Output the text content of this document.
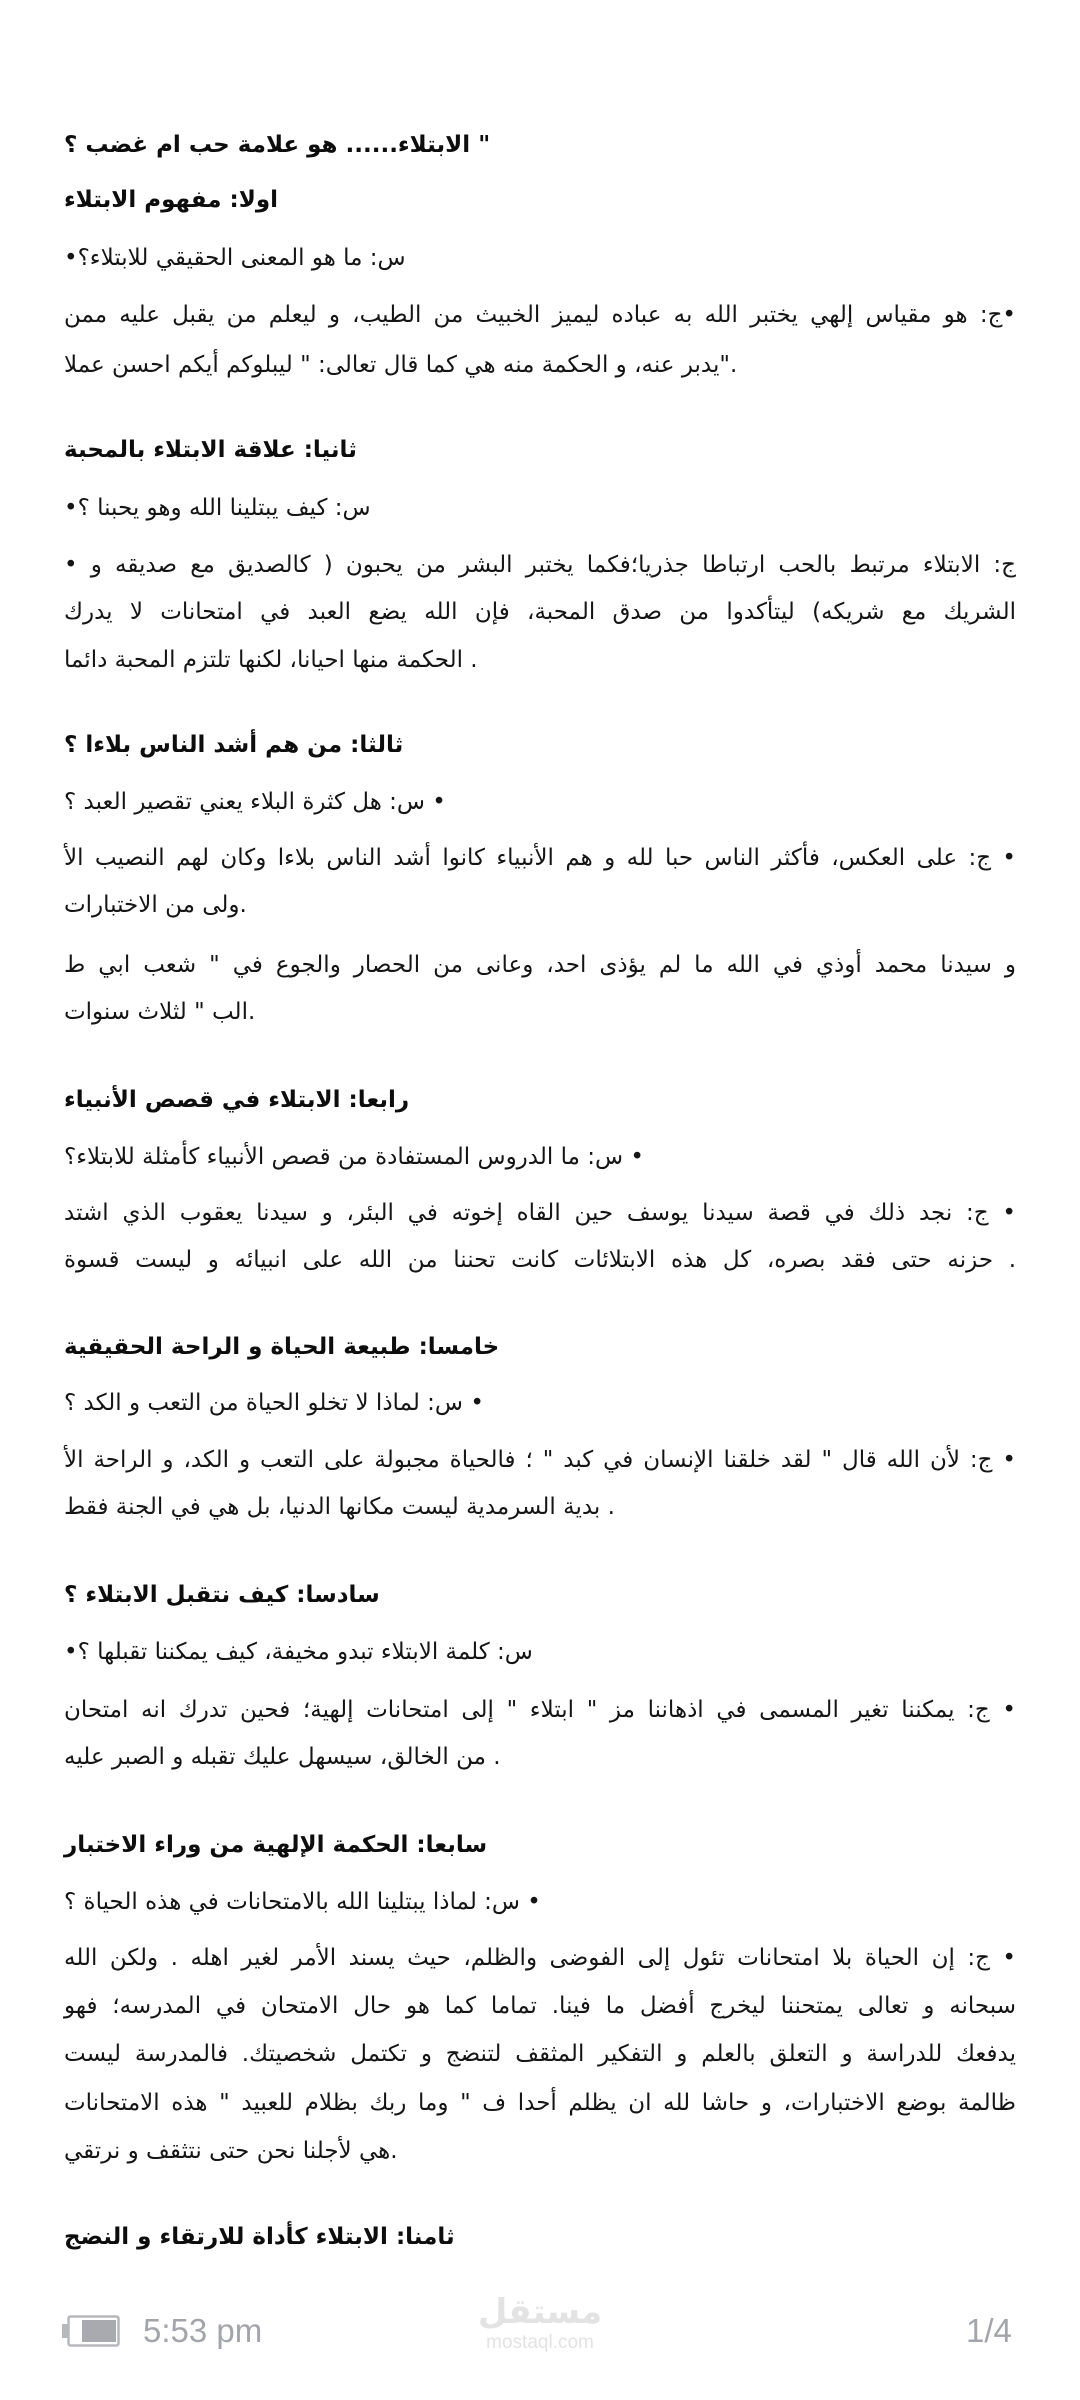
" الابتلاء...... هو علامة حب ام غضب ؟
اولا: مفهوم الابتلاء
س: ما هو المعنى الحقيقي للابتلاء؟•
•ج: هو مقياس إلهي يختبر الله به عباده ليميز الخبيث من الطيب، و ليعلم من يقبل عليه ممن
."يدبر عنه، و الحكمة منه هي كما قال تعالى: " ليبلوكم أيكم احسن عملا
ثانيا: علاقة الابتلاء بالمحبة
س: كيف يبتلينا الله وهو يحبنا ؟•
ج: الابتلاء مرتبط بالحب ارتباطا جذريا؛فكما يختبر البشر من يحبون ( كالصديق مع صديقه و •
الشريك مع شريكه) ليتأكدوا من صدق المحبة، فإن الله يضع العبد في امتحانات لا يدرك
. الحكمة منها احيانا، لكنها تلتزم المحبة دائما
ثالثا: من هم أشد الناس بلاءا ؟
• س: هل كثرة البلاء يعني تقصير العبد ؟
• ج: على العكس، فأكثر الناس حبا لله و هم الأنبياء كانوا أشد الناس بلاءا وكان لهم النصيب الأ
.ولى من الاختبارات
و سيدنا محمد أوذي في الله ما لم يؤذى احد، وعانى من الحصار والجوع في " شعب ابي ط
.الب " لثلاث سنوات
رابعا: الابتلاء في قصص الأنبياء
• س: ما الدروس المستفادة من قصص الأنبياء كأمثلة للابتلاء؟
• ج: نجد ذلك في قصة سيدنا يوسف حين القاه إخوته في البئر، و سيدنا يعقوب الذي اشتد
. حزنه حتى فقد بصره، كل هذه الابتلائات كانت تحننا من الله على انبيائه و ليست قسوة
خامسا: طبيعة الحياة و الراحة الحقيقية
• س: لماذا لا تخلو الحياة من التعب و الكد ؟
• ج: لأن الله قال " لقد خلقنا الإنسان في كبد " ؛ فالحياة مجبولة على التعب و الكد، و الراحة الأ
. بدية السرمدية ليست مكانها الدنيا، بل هي في الجنة فقط
سادسا: كيف نتقبل الابتلاء ؟
س: كلمة الابتلاء تبدو مخيفة، كيف يمكننا تقبلها ؟•
• ج: يمكننا تغير المسمى في اذهاننا مز " ابتلاء " إلى امتحانات إلهية؛ فحين تدرك انه امتحان
. من الخالق، سيسهل عليك تقبله و الصبر عليه
سابعا: الحكمة الإلهية من وراء الاختبار
• س: لماذا يبتلينا الله بالامتحانات في هذه الحياة ؟
• ج: إن الحياة بلا امتحانات تئول إلى الفوضى والظلم، حيث يسند الأمر لغير اهله . ولكن الله
سبحانه و تعالى يمتحننا ليخرج أفضل ما فينا. تماما كما هو حال الامتحان في المدرسه؛ فهو
يدفعك للدراسة و التعلق بالعلم و التفكير المثقف لتنضج و تكتمل شخصيتك. فالمدرسة ليست
ظالمة بوضع الاختبارات، و حاشا لله ان يظلم أحدا ف " وما ربك بظلام للعبيد " هذه الامتحانات
.هي لأجلنا نحن حتى نتثقف و نرتقي
ثامنا: الابتلاء كأداة للارتقاء و النضج
5:53 pm	مستقل
mostaql.com	1/4
